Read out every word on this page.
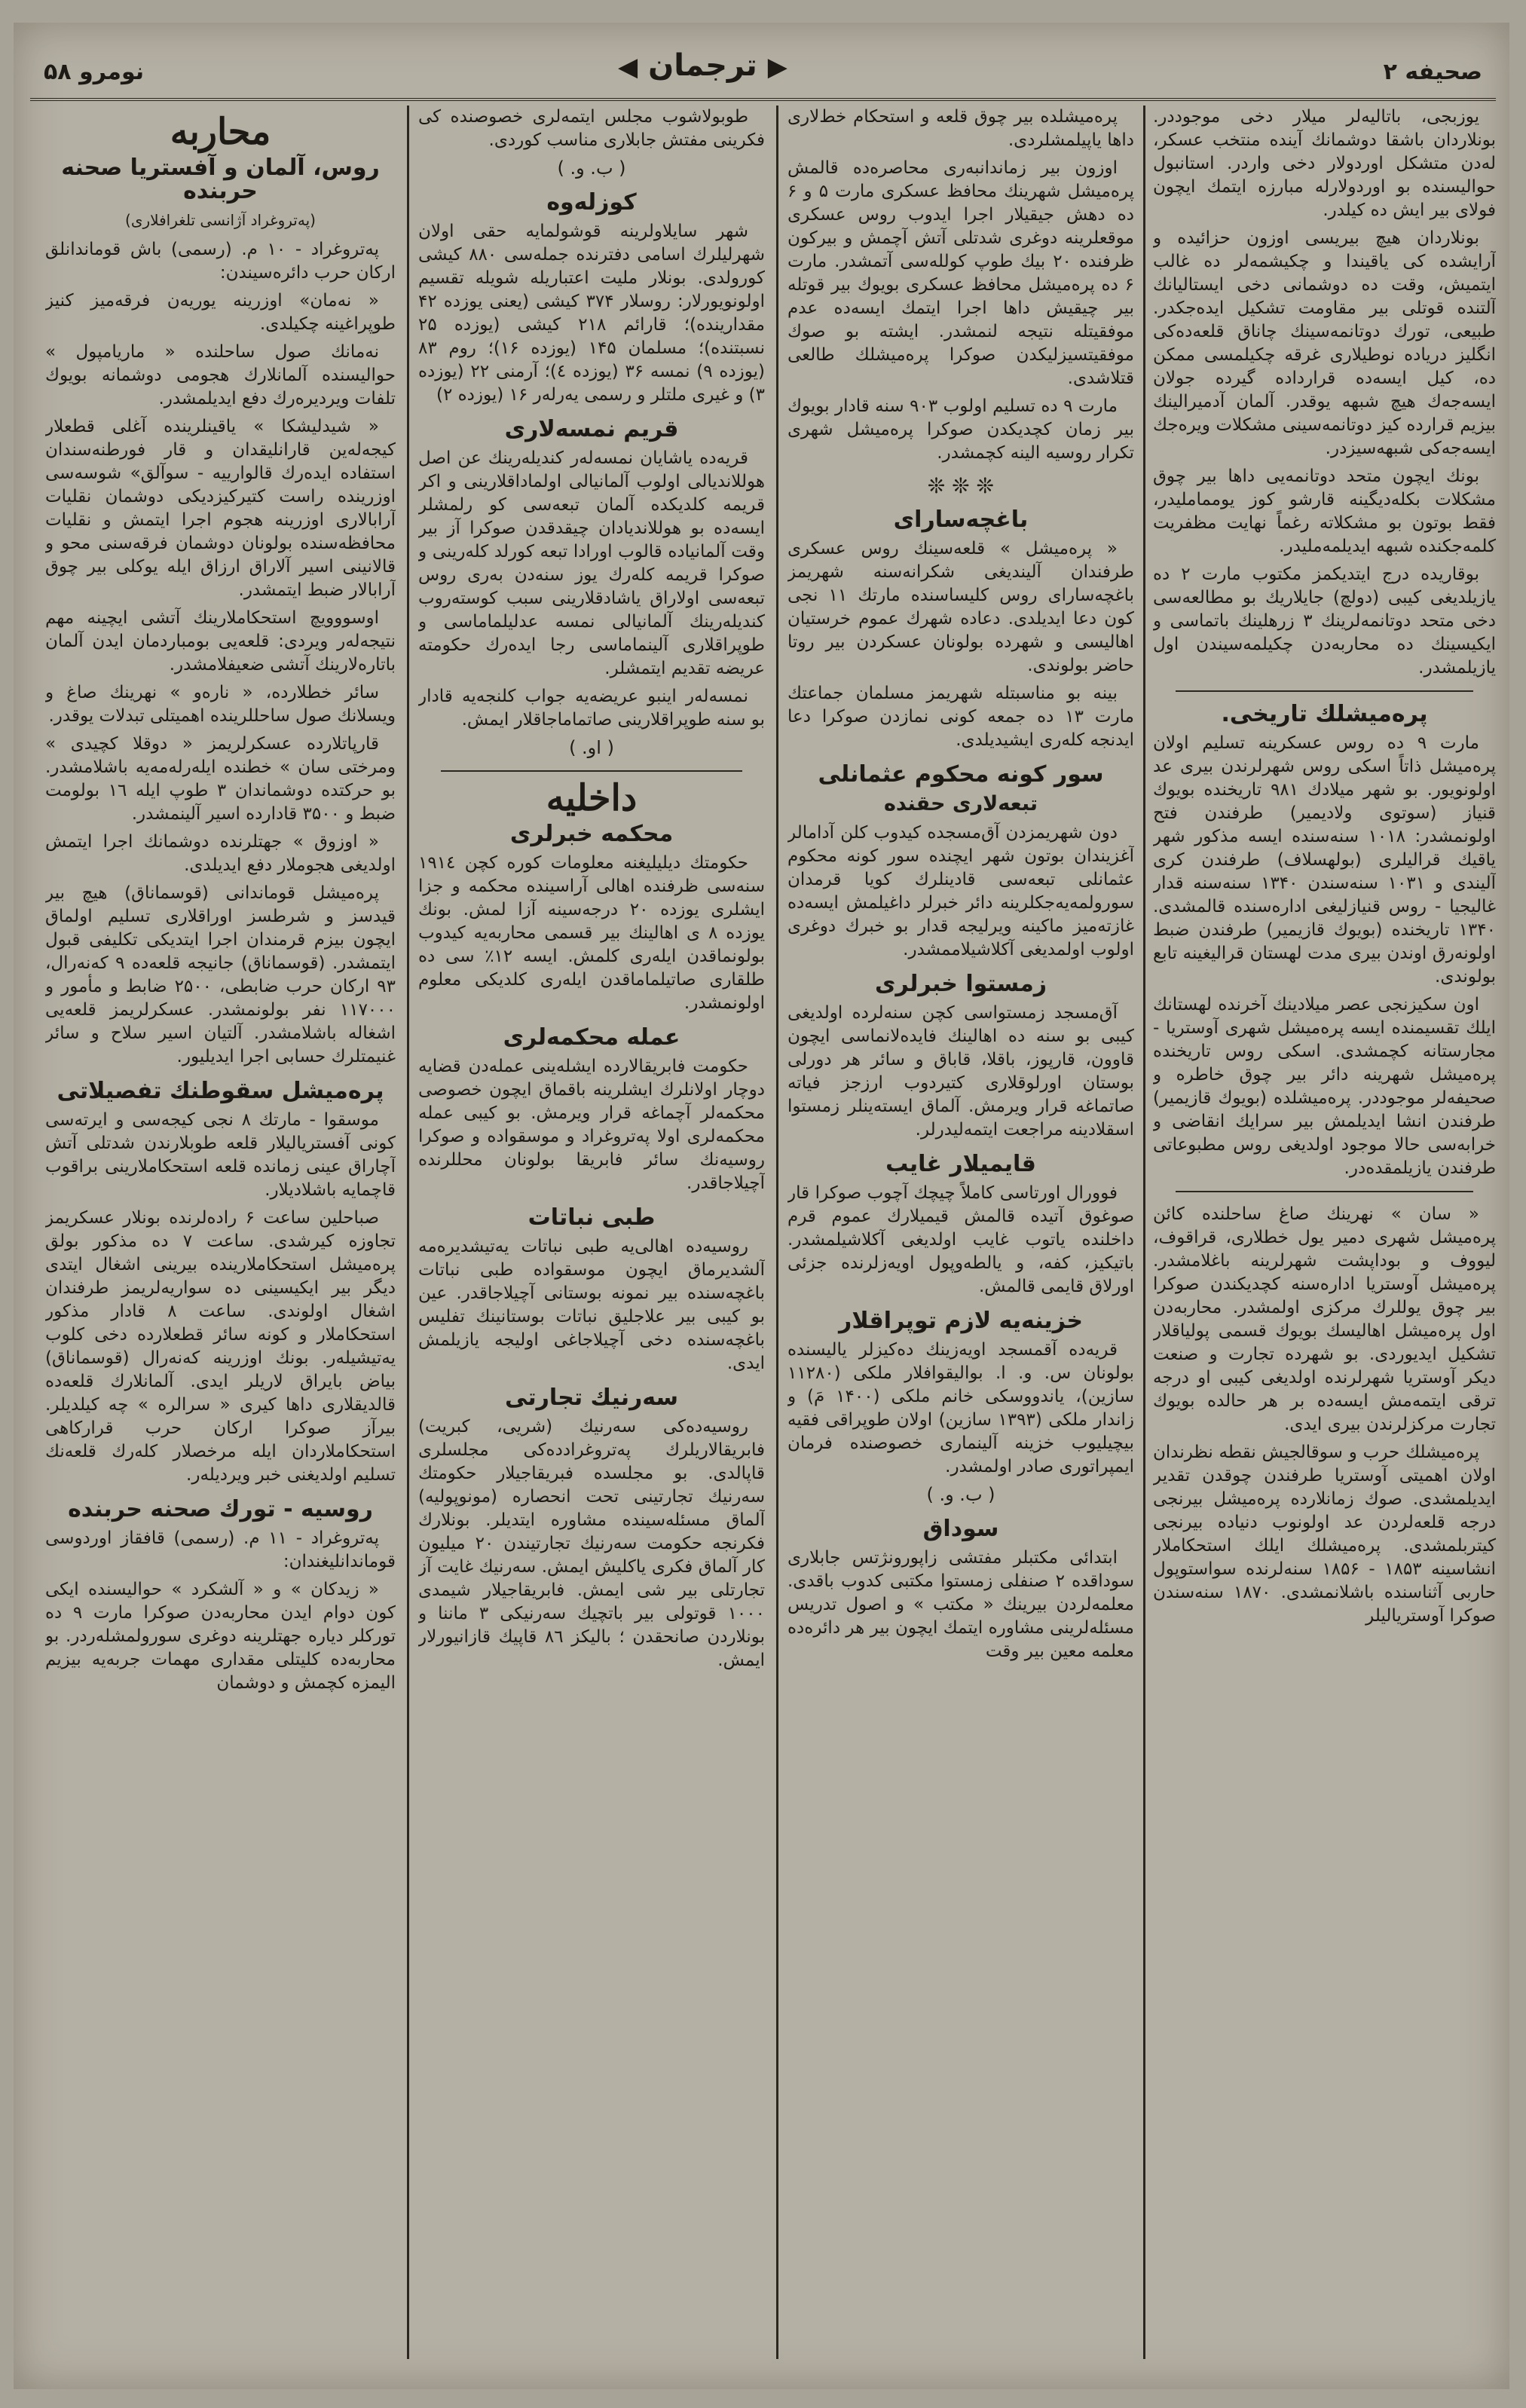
نومرو ۵۸	◀ ترجمان ▶	صحیفه ۲

یوزبجی، باتالیه‌لر میلار دخی موجوددر. بونلاردان باشقا دوشمانك آینده منتخب عسکر، لەدن متشکل اوردولار دخی واردر. استانبول حوالیسنده بو اوردولارله مبارزه ایتمك ایچون فولای بیر ایش ده کیلدر.

بونلاردان هیچ بیریسی اوزون حزائیده و آرایشده کی یاقیندا و چکیشمه‌لر ده غالب ایتمیش، وقت ده دوشمانی دخی ایستالیانك آلتنده قوتلی بیر مقاومت تشکیل ایده‌جکدر. طبیعی، تورك دوتانمه‌سینك چاناق قلعه‌ده‌کی انگلیز دریاده نوطیلاری غرقه چکیلمسی ممکن ده، كیل ایسه‌ده قرارداده گیرده‌ جولان ایسه‌جه‌ك هیچ شبهه یوقدر. آلمان آدمیرالینك بیزیم قرارده‌ كیز دوتانمه‌سینی مشکلات ویره‌جك ایسه‌جه‌کی شبهه‌سیزدر.

بونك ایچون متحد دوتانمه‌یی داها بیر چوق مشکلات بکله‌دیگینه قارشو کوز یومماملیدر، فقط بوتون بو مشکلاته رغماً نهایت مظفریت کلمه‌جکنده شبهه ایدیلمه‌ملیدر.

بوقاریده درج ایتدیکمز مکتوب مارت ۲ ده یازیلدیغی کیبی (دولچ) جایلاریك بو مطالعه‌سی دخی متحد دوتانمه‌لرینك ۳ زرهلینك باتماسی و ایکیسینك ده محاربه‌دن چکیلمه‌سیندن اول یازیلمشدر.

پره‌میشلك تاریخی.

مارت ۹ ده روس عسکرینه تسلیم اولان پره‌میشل ذاتاً اسکی روس شهرلرندن بیری عد اولونویور. بو شهر میلادك ۹۸۱ تاریخنده بویوك قنیاز (سوتوی ولادیمیر) طرفندن فتح اولونمشدر: ۱۰۱۸ سنه‌سنده ایسه مذکور شهر یاقیك قرالیلری (بولهسلاف) طرفندن کری آلیندی و ۱۰۳۱ سنه‌سندن ۱۳۴۰ سنه‌سنه قدار غالیجیا - روس قنیازلیغی ادارەسنده قالمشدی. ۱۳۴۰ تاریخنده (بویوك قازیمیر) طرفندن ضبط اولونه‌رق اوندن بیری مدت لهستان قرالیغینه تابع بولوندی.

اون سکیزنجی عصر میلادینك آخرنده لهستانك ایلك تقسیمنده ایسه پره‌میشل شهری آوستریا - مجارستانه کچمشدی. اسکی روس تاریخنده پره‌میشل شهرینه دائر بیر چوق خاطره و صحیفه‌لر موجوددر. پره‌میشلده (بویوك قازیمیر) طرفندن انشا ایدیلمش بیر سرایك انقاضی و خرابه‌سی حالا موجود اولدیغی روس مطبوعاتی طرفندن یازیلمقده‌در.

« سان » نهرینك صاغ ساحلنده کائن پره‌میشل شهری دمیر یول خطلاری، قراقوف، لیووف و بوداپشت شهرلرینه باغلامشدر. پره‌میشل آوستریا ادارەسنه کچدیکندن صوکرا بیر چوق یوللرك مرکزی اولمشدر. محاربه‌دن اول پره‌میشل اهالیسك بویوك قسمی پولیاقلار تشکیل ایدیوردی. بو شهرده تجارت و صنعت دیکر آوستریا شهرلرنده اولدیغی کیبی او درجه ترقی ایتمه‌مش ایسه‌ده بر هر حالده بویوك تجارت مرکزلرندن بیری ایدی.

پره‌میشلك حرب و سوقالجیش نقطه نظرندان اولان اهمیتی آوستریا طرفندن چوقدن تقدیر ایدیلمشدی. صوك زمانلارده پره‌میشل بیرنجی درجه قلعه‌لردن عد اولونوب دنیاده بیرنجی کیتربلمشدی. پره‌میشلك ایلك استحکاملار انشاسینه ۱۸۵۳ - ۱۸۵۶ سنه‌لرنده سواستوپول حاربی آثناسنده باشلانمشدی. ۱۸۷۰ سنه‌سندن صوكرا آوستریالیلر

پره‌میشلده بیر چوق قلعه و استحکام خط‌لاری داها یاپیلمشلردی.

اوزون بیر زماندانبه‌ری محاصره‌ده قالمش پره‌میشل شهرینك محافظ عسکری مارت ۵ و ۶ ده دهش جیقیلار اجرا ایدوب روس عسکری موقعلرینه دوغری شدتلی آتش آچمش و بیرکون ظرفنده ۲۰ بیك طوپ کوللەسی آتمشدر. مارت ۶ ده پره‌میشل محافظ عسکری بویوك بیر قوتله بیر چیقیش داها اجرا ایتمك ایسه‌ده عدم موفقیتله نتیجه لنمشدر. ایشته بو صوك موفقیتسیزلیکدن صوكرا پره‌میشلك طالعی قتلاشدی.

مارت ۹ ده تسلیم اولوب ۹۰۳ سنه قادار بویوك بیر زمان کچدیکدن صوكرا پره‌میشل شهری تکرار روسیه الینه کچمشدر.

❊ ❊ ❊
باغچه‌سارای

« پره‌میشل » قلعه‌سینك روس عسکری طرفندان آلیندیغی شکرانه‌سنه شهریمز باغچه‌سارای روس کلیساسنده مارتك ۱۱ نجی کون دعا ایدیلدی. دعاده شهرك عموم خرستیان اهالیسی و شهرده بولونان عسکردن بیر روتا حاضر بولوندی.

بینه بو مناسبتله شهریمز مسلمان جماعتك مارت ۱۳ ده جمعه کونی نمازدن صوكرا دعا ایدنجه کله‌ری ایشیدیلدی.

سور کونه محکوم عثمانلی
تبعه‌لاری حقنده

دون شهریمزدن آق‌مسجده کیدوب کلن آدامالر آغزیندان بوتون شهر ایچنده سور کونه محکوم عثمانلی تبعه‌سی قادینلرك کویا قرمدان سورولمه‌یه‌جکلرینه دائر خبرلر داغیلمش ایسه‌ده غازته‌میز ماکینه ویرلیجه قدار بو خبرك دوغری اولوب اولمدیغی آکلاشیلاممشدر.

زمستوا خبرلری

آق‌مسجد زمستواسی کچن سنه‌لرده اولدیغی کیبی بو سنه ده اهالینك فایده‌لانماسی ایچون قاوون، قارپوز، باقلا، قاباق و سائر هر دورلی بوستان اورلوقلاری کتیردوب ارزجز فیاته صاتماغه قرار ویرمش. آلماق ایسته‌ینلر زمستوا اسقلادینه مراجعت ایتمه‌لیدرلر.

قایمیلار غایب

فوورال اورتاسی کاملاً چیچك آچوب صوكرا قار صوغوق آتیده قالمش قیمیلارك عموم قرم داخلنده یاتوب غایب اولدیغی آکلاشیلمشدر. باتیکیز، کفه، و یالطه‌وپول اویه‌زلرنده جزئی اورلاق قایمی قالمش.

خزینه‌یه لازم توپراقلار

قریه‌ده آقمسجد اویه‌زینك ده‌کیزلر یالیسنده بولونان س. و. ا. بوالیقوافلار ملکی (۱۱۲۸۰ سازین)، یاندووسکی خانم ملکی (۱۴۰۰ مَ) و زاندار ملکی (۱۳۹۳ سازین) اولان طوپراقی فقیه بیچیلیوب خزینه آلینماری خصوصنده فرمان ایمپراتوری صادر اولمشدر.

( ب. و. )
سوداق

ابتدائی مکتبلر مفتشی زاپورونژتس جابلاری سوداقده ۲ صنفلی زمستوا مکتبی کدوب باقدی. معلمه‌لردن بیرینك « مکتب » و اصول تدریس مسئله‌لرینی مشاوره ایتمك ایچون بیر هر دائرەده معلمه معین بیر وقت

طوبولاشوب مجلس ایتمه‌لری خصوصنده کی فکرینی مفتش جابلاری مناسب کوردی.

( ب. و. )
کوزله‌وه

شهر سایلاولرینه قوشولمایه حقی اولان شهرلیلرك اسامی دفترنده جمله‌سی ۸۸۰ کیشی کورولدی. بونلار ملیت اعتباریله شویله تقسیم اولونویورلار: روسلار ۳۷۴ کیشی (یعنی یوزده ۴۲ مقدارینده)؛ قارائم ۲۱۸ کیشی (یوزده ۲۵ نسبتنده)؛ مسلمان ۱۴۵ (یوزده ۱۶)؛ روم ۸۳ (یوزده ۹) نمسه ۳۶ (یوزده ٤)؛ آرمنی ۲۲ (یوزده ۳) و غیری ملتلر و رسمی یەرلەر ۱۶ (یوزده ۲)

قریم نمسه‌لاری

قریه‌ده یاشایان نمسه‌لەر کندیلەرینك عن اصل هوللاندیالی اولوب آلمانیالی اولماداقلارینی و اکر قریمه کلدیکده آلمان تبعه‌سی کو رلمشلر ایسه‌ده بو هوللاندیادان چیقدقدن صوكرا آز بیر وقت آلمانیاده قالوب اورادا تبعه کورلد کلەرینی و صوكرا قریمه کله‌رك یوز سنه‌دن بەری روس تبعه‌سی اولاراق یاشادقلارینی سبب کوسته‌روب کندیلەرینك آلمانیالی نمسه عدلیلماماسی و طوپراقلاری آلینماماسی رجا ایدەرك حکومته عریضه تقدیم ایتمشلر.

نمسه‌لەر اینبو عریضه‌یه جواب کلنجه‌یه قادار بو سنه طوپراقلارینی صاتماماجاقلار ایمش.

( او. )
داخلیه
محکمه خبرلری

حکومتك دیلیلیغنه معلومات کوره کچن ۱۹۱٤ سنه‌سی ظرفنده اهالی آراسینده محکمه و جزا ایشلری یوزده ۲۰ درجه‌سینه آزا لمش. بونك یوزده ۸ ی اهالینك بیر قسمی محاربه‌یه کیدوب بولونماقدن ایلەری کلمش. ایسه ۱۲٪ سی ده طلقاری صاتیلماماقدن ایلەری کلدیکی معلوم اولونمشدر.

عمله محکمه‌لری

حکومت فابریقالارده ایشلەینی عمله‌دن قضایه دوچار اولانلرك ایشلرینه باقماق ایچون خصوصی محکمه‌لر آچماغه قرار ویرمش. بو کیبی عمله محکمه‌لری اولا پەتروغراد و موسقواده و صوكرا روسیه‌نك سائر فابریقا بولونان محللرنده آچیلاجاقدر.

طبی نباتات

روسیه‌ده اهالی‌یه طبی نباتات یه‌تیشدیره‌مه آلشدیرماق ایچون موسقواده طبی نباتات باغچه‌سنده بیر نمونه بوستانی آچیلاجاقدر. عین بو کیبی بیر علاجلیق نباتات بوستانینك تفلیس باغچه‌سنده دخی آچیلاجاغی اولیجه یازیلمش ایدی.

سەرنیك تجارتی

روسیه‌ده‌کی سەرنیك (شریی، کبریت) فابریقالاریلرك پەتروغرادده‌کی مجلسلری قاپالدی. بو مجلسده فبریقاجیلار حکومتك سەرنیك تجارتینی تحت انحصاره (مونوپولیه) آلماق مسئله‌سینده مشاوره ایتدیلر. بونلارك فکرنجه حکومت سەرنیك تجارتیندن ۲۰ میلیون کار آلماق فکری یاکلیش ایمش. سەرنیك غایت آز تجارتلی بیر شی ایمش. فابریقاجیلار شیمدی ۱۰۰۰ قوتولی بیر باتچیك سەرنیکی ۳ ماننا و بونلاردن صانحقدن ؛ بالیکز ۸٦ قاپیك قازانیورلار ایمش.

محاربه
روس، آلمان و آفستریا صحنه حربنده
(پەتروغراد آژانسی تلغرافلاری)

پەتروغراد - ۱۰ م. (رسمی) باش قوماندانلق ارکان حرب دائرەسیندن:

« نەمان» اوزرینه یوریه‌ن فرقه‌میز کنیز طوپراغینه چکیلدی.

نه‌مانك صول ساحلنده « ماریامپول » حوالیسنده آلمانلارك هجومی دوشمانه بویوك تلفات ویردیره‌رك دفع ایدیلمشدر.

« شیدلیشکا » یاقینلرینده آغلی قطعلار کیجه‌لەین قارانلیقدان و قار فورطنه‌سندان استفاده ایده‌رك قالوارییه - سوآلق» شوسه‌سی اوزرینده راست کتیرکیزدیکی دوشمان نقلیات آرابالاری اوزرینه هجوم اجرا ایتمش و نقلیات محافظه‌سنده بولونان دوشمان فرقه‌سنی محو و قالانینی اسیر آلاراق ارزاق ایله یوکلی بیر چوق آرابالار ضبط ایتمشدر.

اوسووویچ استحکاملارینك آتشی ایچینه مهم نتیجه‌لەر ویردی: قلعه‌یی بومباردمان ایدن آلمان باتارە‌لارینك آتشی ضعیفلامشدر.

سائر خطلاردە، « نارەو » نهرینك صاغ و ویسلانك صول ساحللرینده اهمیتلی تبدلات یوقدر.

قارپاتلارده عسکرلریمز « دوقلا کچیدی » ومرختی سان » خطنده ایلەرلەمه‌یه باشلامشدر. بو حرکتده دوشماندان ۳ طوپ ایله ۱٦ بولومت ضبط و ۳۵۰۰ قادارده اسیر آلینمشدر.

« اوزوق » جهتلرنده دوشمانك اجرا ایتمش اولدیغی هجوملار دفع ایدیلدی.

پره‌میشل قوماندانی (قوسماناق) هیچ بیر قیدسز و شرطسز اوراقلاری تسلیم اولماق ایچون بیزم قرمندان اجرا ایتدیکی تکلیفی قبول ایتمشدر. (قوسماناق) جانیجه قلعه‌ده ۹ کەنەرال، ۹۳ ارکان حرب ضابطی، ۲۵۰۰ ضابط و مأمور و ۱۱۷۰۰۰ نفر بولونمشدر. عسکرلریمز قلعه‌یی اشغاله باشلامشدر. آلتیان اسیر سلاح و سائر غنیمتلرك حسابی اجرا ایدیلیور.

پره‌میشل سقوطنك تفصیلاتی

موسقوا - مارتك ۸ نجی کیجه‌سی و ایرته‌سی کونی آفستریالیلار قلعه طوبلارندن شدتلی آتش آچاراق عینی زمانده قلعه استحکاملارینی براقوب قاچمایه باشلادیلار.

صباحلین ساعت ۶ راده‌لرنده بونلار عسکریمز تجاوزه کیرشدی. ساعت ۷ ده مذکور بولق پره‌میشل استحکاملارینده بیرینی اشغال ایتدی دیگر بیر ایکیسینی ده سواریه‌لریمز طرفندان اشغال اولوندی. ساعت ۸ قادار مذکور استحکاملار و کونه سائر قطعلارده دخی کلوب یه‌تیشیلەر. بونك اوزرینه کەنەرال (قوسماناق) بیاض بایراق لاریلر ایدی. آلمانلارك قلعه‌ده قالدیقلاری داها کیری « سرالره » چه کیلدیلر. بیرآز صوكرا ارکان حرب قرارکاهی استحکاملاردان ایله مرخصلار کلەرك قلعه‌نك تسلیم اولدیغنی خبر ویردیلەر.

روسیه - تورك صحنه حربنده

پەتروغراد - ۱۱ م. (رسمی) قافقاز اوردوسی قوماندانلیغندان:

« زیدکان » و « آلشکرد » حوالیسنده ایکی کون دوام ایدن محاربه‌دن صوكرا مارت ۹ ده تورکلر دیاره جهتلرینه دوغری سورولمشلەردر. بو محاربه‌ده کلیتلی مقداری مهمات جربه‌یه بیزیم الیمزه کچمش و دوشمان
